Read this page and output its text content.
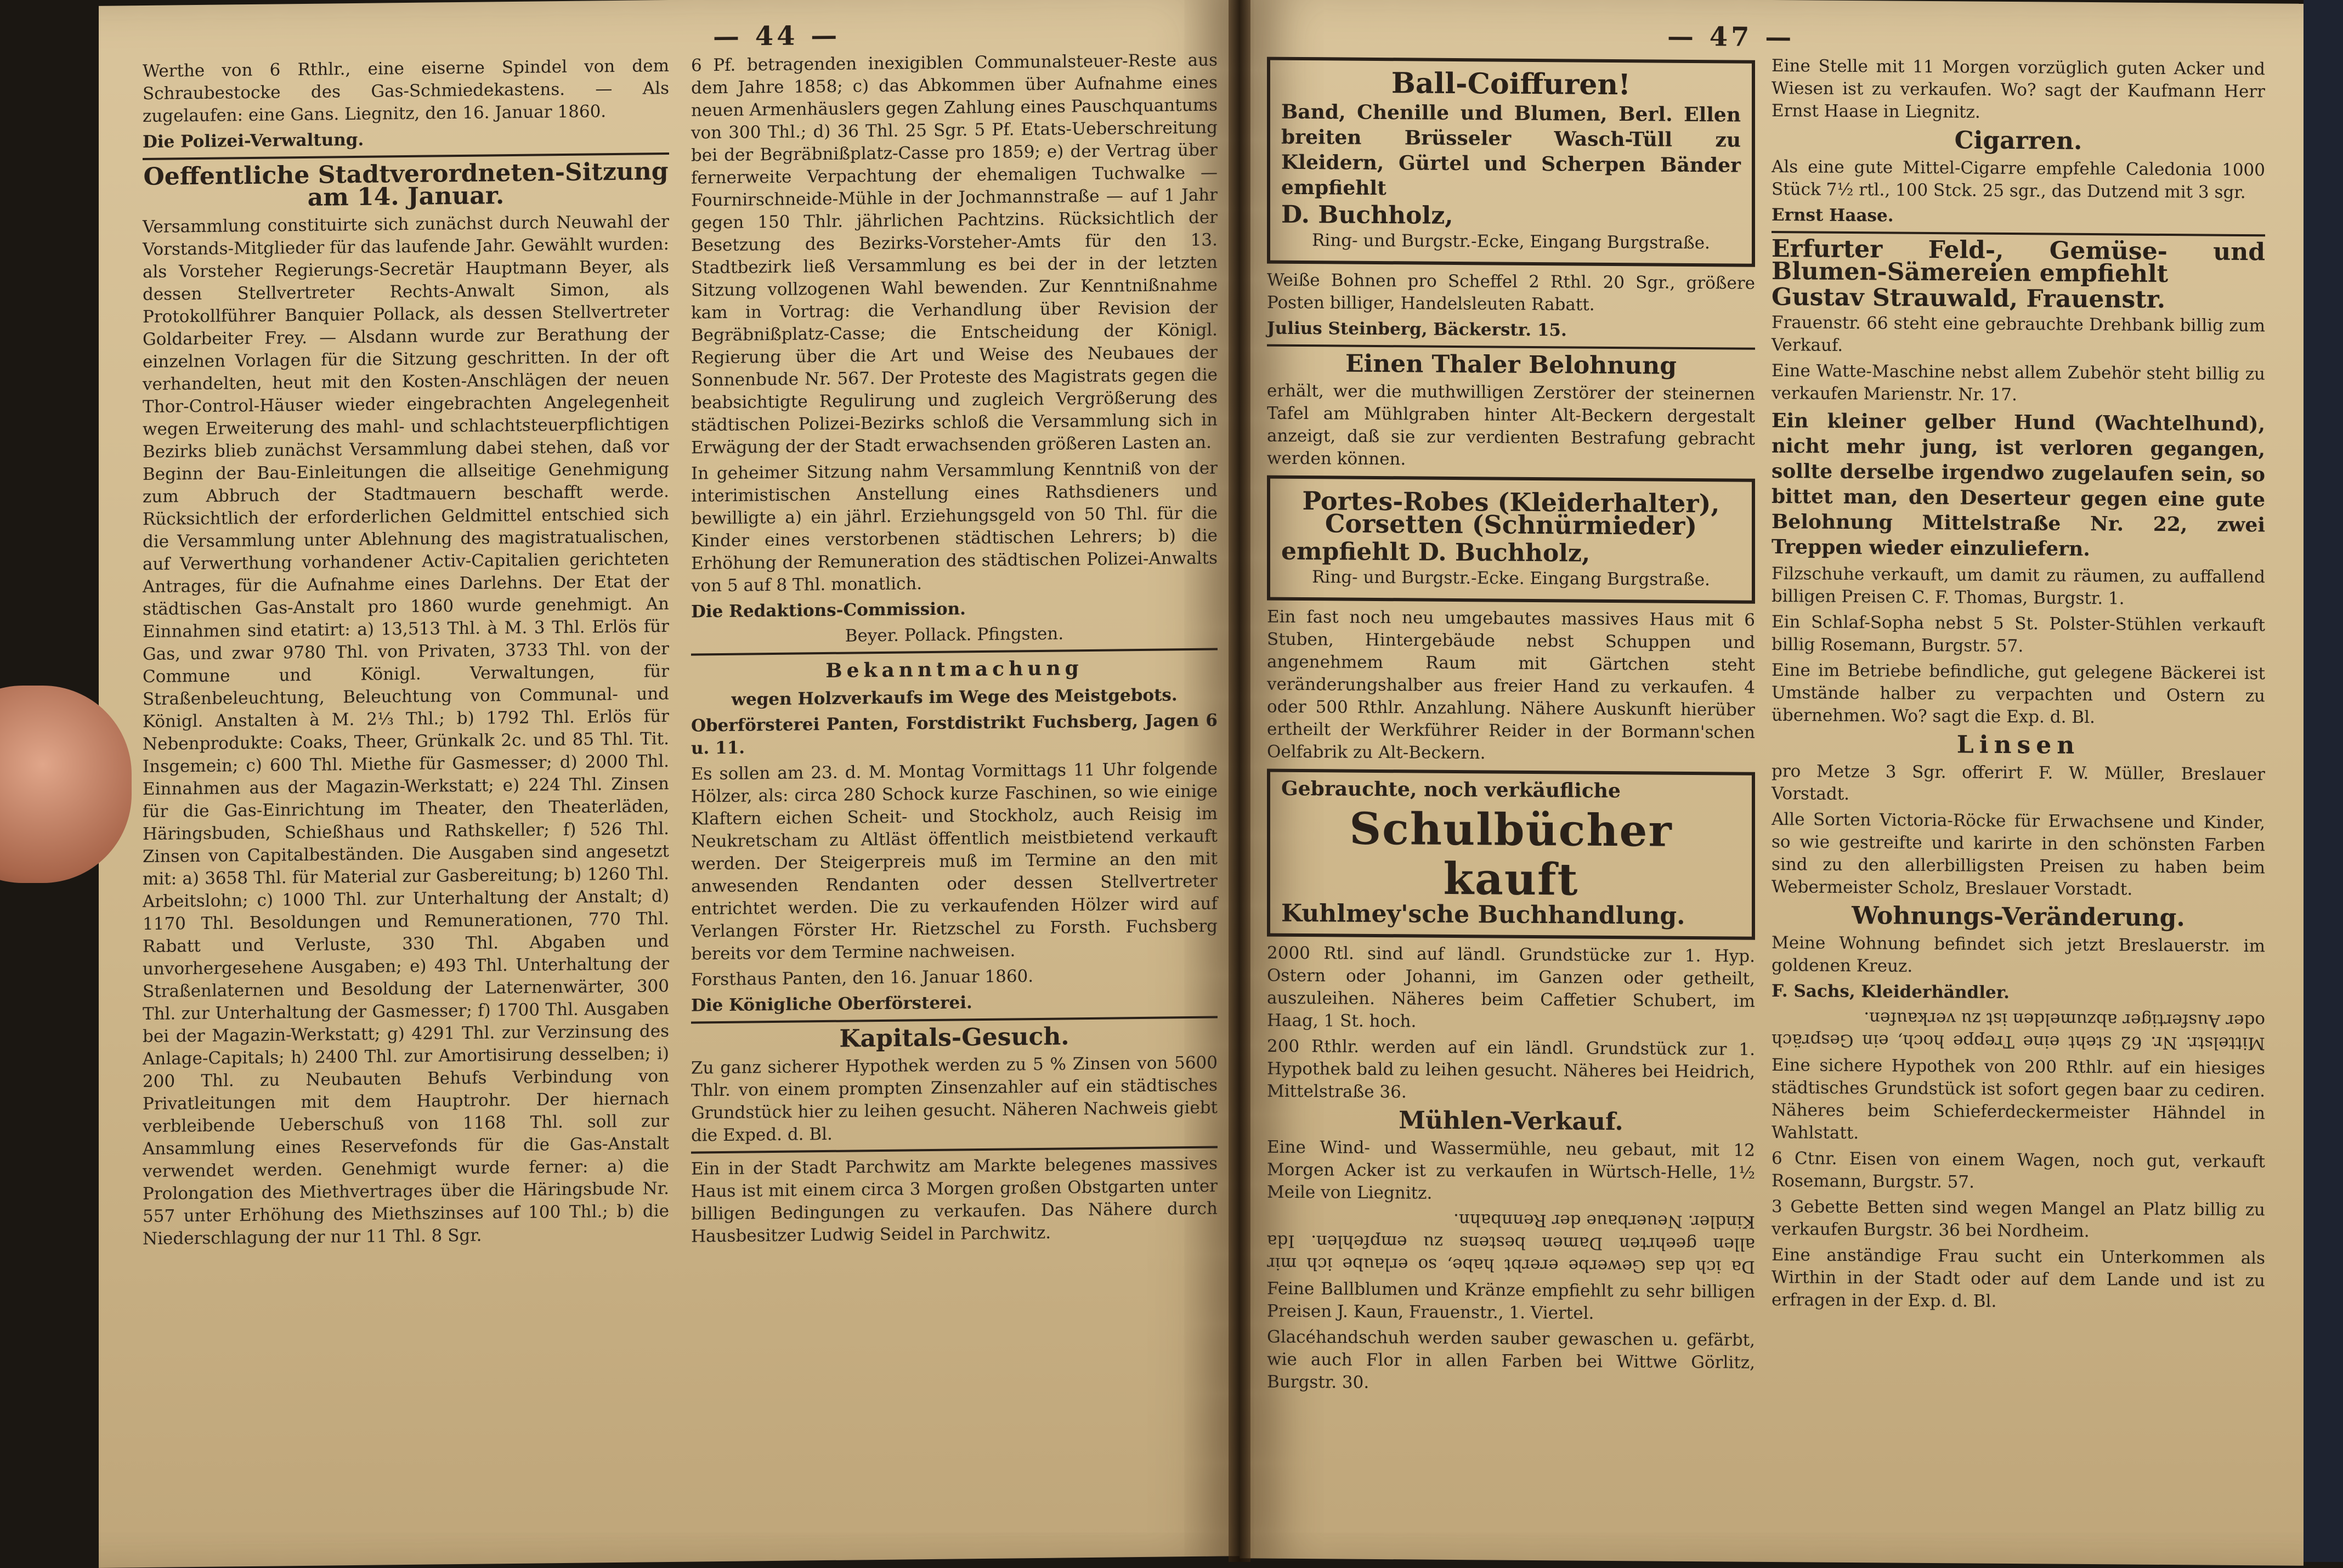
— 44 —

Werthe von 6 Rthlr., eine eiserne Spindel von dem Schraubestocke des Gas-Schmiedekastens. — Als zugelaufen: eine Gans. Liegnitz, den 16. Januar 1860.

Die Polizei-Verwaltung.

Oeffentliche Stadtverordneten-Sitzung am 14. Januar.

Versammlung constituirte sich zunächst durch Neuwahl der Vorstands-Mitglieder für das laufende Jahr. Gewählt wurden: als Vorsteher Regierungs-Secretär Hauptmann Beyer, als dessen Stellvertreter Rechts-Anwalt Simon, als Protokollführer Banquier Pollack, als dessen Stellvertreter Goldarbeiter Frey. — Alsdann wurde zur Berathung der einzelnen Vorlagen für die Sitzung geschritten. In der oft verhandelten, heut mit den Kosten-Anschlägen der neuen Thor-Control-Häuser wieder eingebrachten Angelegenheit wegen Erweiterung des mahl- und schlachtsteuerpflichtigen Bezirks blieb zunächst Versammlung dabei stehen, daß vor Beginn der Bau-Einleitungen die allseitige Genehmigung zum Abbruch der Stadtmauern beschafft werde. Rücksichtlich der erforderlichen Geldmittel entschied sich die Versammlung unter Ablehnung des magistratualischen, auf Verwerthung vorhandener Activ-Capitalien gerichteten Antrages, für die Aufnahme eines Darlehns. Der Etat der städtischen Gas-Anstalt pro 1860 wurde genehmigt. An Einnahmen sind etatirt: a) 13,513 Thl. à M. 3 Thl. Erlös für Gas, und zwar 9780 Thl. von Privaten, 3733 Thl. von der Commune und Königl. Verwaltungen, für Straßenbeleuchtung, Beleuchtung von Communal- und Königl. Anstalten à M. 2⅓ Thl.; b) 1792 Thl. Erlös für Nebenprodukte: Coaks, Theer, Grünkalk 2c. und 85 Thl. Tit. Insgemein; c) 600 Thl. Miethe für Gasmesser; d) 2000 Thl. Einnahmen aus der Magazin-Werkstatt; e) 224 Thl. Zinsen für die Gas-Einrichtung im Theater, den Theaterläden, Häringsbuden, Schießhaus und Rathskeller; f) 526 Thl. Zinsen von Capitalbeständen. Die Ausgaben sind angesetzt mit: a) 3658 Thl. für Material zur Gasbereitung; b) 1260 Thl. Arbeitslohn; c) 1000 Thl. zur Unterhaltung der Anstalt; d) 1170 Thl. Besoldungen und Remunerationen, 770 Thl. Rabatt und Verluste, 330 Thl. Abgaben und unvorhergesehene Ausgaben; e) 493 Thl. Unterhaltung der Straßenlaternen und Besoldung der Laternenwärter, 300 Thl. zur Unterhaltung der Gasmesser; f) 1700 Thl. Ausgaben bei der Magazin-Werkstatt; g) 4291 Thl. zur Verzinsung des Anlage-Capitals; h) 2400 Thl. zur Amortisirung desselben; i) 200 Thl. zu Neubauten Behufs Verbindung von Privatleitungen mit dem Hauptrohr. Der hiernach verbleibende Ueberschuß von 1168 Thl. soll zur Ansammlung eines Reservefonds für die Gas-Anstalt verwendet werden. Genehmigt wurde ferner: a) die Prolongation des Miethvertrages über die Häringsbude Nr. 557 unter Erhöhung des Miethszinses auf 100 Thl.; b) die Niederschlagung der nur 11 Thl. 8 Sgr.

6 Pf. betragenden inexigiblen Communalsteuer-Reste aus dem Jahre 1858; c) das Abkommen über Aufnahme eines neuen Armenhäuslers gegen Zahlung eines Pauschquantums von 300 Thl.; d) 36 Thl. 25 Sgr. 5 Pf. Etats-Ueberschreitung bei der Begräbnißplatz-Casse pro 1859; e) der Vertrag über fernerweite Verpachtung der ehemaligen Tuchwalke — Fournirschneide-Mühle in der Jochmannstraße — auf 1 Jahr gegen 150 Thlr. jährlichen Pachtzins. Rücksichtlich der Besetzung des Bezirks-Vorsteher-Amts für den 13. Stadtbezirk ließ Versammlung es bei der in der letzten Sitzung vollzogenen Wahl bewenden. Zur Kenntnißnahme kam in Vortrag: die Verhandlung über Revision der Begräbnißplatz-Casse; die Entscheidung der Königl. Regierung über die Art und Weise des Neubaues der Sonnenbude Nr. 567. Der Proteste des Magistrats gegen die beabsichtigte Regulirung und zugleich Vergrößerung des städtischen Polizei-Bezirks schloß die Versammlung sich in Erwägung der der Stadt erwachsenden größeren Lasten an.

In geheimer Sitzung nahm Versammlung Kenntniß von der interimistischen Anstellung eines Rathsdieners und bewilligte a) ein jährl. Erziehungsgeld von 50 Thl. für die Kinder eines verstorbenen städtischen Lehrers; b) die Erhöhung der Remuneration des städtischen Polizei-Anwalts von 5 auf 8 Thl. monatlich.

Die Redaktions-Commission.

Beyer. Pollack. Pfingsten.

Bekanntmachung

wegen Holzverkaufs im Wege des Meistgebots.

Oberförsterei Panten, Forstdistrikt Fuchsberg, Jagen 6 u. 11.

Es sollen am 23. d. M. Montag Vormittags 11 Uhr folgende Hölzer, als: circa 280 Schock kurze Faschinen, so wie einige Klaftern eichen Scheit- und Stockholz, auch Reisig im Neukretscham zu Altläst öffentlich meistbietend verkauft werden. Der Steigerpreis muß im Termine an den mit anwesenden Rendanten oder dessen Stellvertreter entrichtet werden. Die zu verkaufenden Hölzer wird auf Verlangen Förster Hr. Rietzschel zu Forsth. Fuchsberg bereits vor dem Termine nachweisen.

Forsthaus Panten, den 16. Januar 1860.

Die Königliche Oberförsterei.

Kapitals-Gesuch.

Zu ganz sicherer Hypothek werden zu 5 % Zinsen von 5600 Thlr. von einem prompten Zinsenzahler auf ein städtisches Grundstück hier zu leihen gesucht. Näheren Nachweis giebt die Exped. d. Bl.

Ein in der Stadt Parchwitz am Markte belegenes massives Haus ist mit einem circa 3 Morgen großen Obstgarten unter billigen Bedingungen zu verkaufen. Das Nähere durch Hausbesitzer Ludwig Seidel in Parchwitz.

— 47 —
Ball-Coiffuren!

Band, Chenille und Blumen, Berl. Ellen breiten Brüsseler Wasch-Tüll zu Kleidern, Gürtel und Scherpen Bänder empfiehlt

D. Buchholz,

Ring- und Burgstr.-Ecke, Eingang Burgstraße.

Weiße Bohnen pro Scheffel 2 Rthl. 20 Sgr., größere Posten billiger, Handelsleuten Rabatt.

Julius Steinberg, Bäckerstr. 15.

Einen Thaler Belohnung

erhält, wer die muthwilligen Zerstörer der steinernen Tafel am Mühlgraben hinter Alt-Beckern dergestalt anzeigt, daß sie zur verdienten Bestrafung gebracht werden können.

Portes-Robes (Kleiderhalter), Corsetten (Schnürmieder)

empfiehlt D. Buchholz,

Ring- und Burgstr.-Ecke. Eingang Burgstraße.

Ein fast noch neu umgebautes massives Haus mit 6 Stuben, Hintergebäude nebst Schuppen und angenehmem Raum mit Gärtchen steht veränderungshalber aus freier Hand zu verkaufen. 4 oder 500 Rthlr. Anzahlung. Nähere Auskunft hierüber ertheilt der Werkführer Reider in der Bormann'schen Oelfabrik zu Alt-Beckern.

Gebrauchte, noch verkäufliche

Schulbücher kauft

Kuhlmey'sche Buchhandlung.

2000 Rtl. sind auf ländl. Grundstücke zur 1. Hyp. Ostern oder Johanni, im Ganzen oder getheilt, auszuleihen. Näheres beim Caffetier Schubert, im Haag, 1 St. hoch.

200 Rthlr. werden auf ein ländl. Grundstück zur 1. Hypothek bald zu leihen gesucht. Näheres bei Heidrich, Mittelstraße 36.

Mühlen-Verkauf.

Eine Wind- und Wassermühle, neu gebaut, mit 12 Morgen Acker ist zu verkaufen in Würtsch-Helle, 1½ Meile von Liegnitz.

Da ich das Gewerbe ererbt habe, so erlaube ich mir allen geehrten Damen bestens zu empfehlen. Ida Kindler. Neuerbaue der Rennbahn.

Feine Ballblumen und Kränze empfiehlt zu sehr billigen Preisen J. Kaun, Frauenstr., 1. Viertel.

Glacéhandschuh werden sauber gewaschen u. gefärbt, wie auch Flor in allen Farben bei Wittwe Görlitz, Burgstr. 30.

Eine Stelle mit 11 Morgen vorzüglich guten Acker und Wiesen ist zu verkaufen. Wo? sagt der Kaufmann Herr Ernst Haase in Liegnitz.

Cigarren.

Als eine gute Mittel-Cigarre empfehle Caledonia 1000 Stück 7½ rtl., 100 Stck. 25 sgr., das Dutzend mit 3 sgr.

Ernst Haase.

Erfurter Feld-, Gemüse- und Blumen-Sämereien empfiehlt

Gustav Strauwald, Frauenstr.

Frauenstr. 66 steht eine gebrauchte Drehbank billig zum Verkauf.

Eine Watte-Maschine nebst allem Zubehör steht billig zu verkaufen Marienstr. Nr. 17.

Ein kleiner gelber Hund (Wachtelhund), nicht mehr jung, ist verloren gegangen, sollte derselbe irgendwo zugelaufen sein, so bittet man, den Deserteur gegen eine gute Belohnung Mittelstraße Nr. 22, zwei Treppen wieder einzuliefern.

Filzschuhe verkauft, um damit zu räumen, zu auffallend billigen Preisen C. F. Thomas, Burgstr. 1.

Ein Schlaf-Sopha nebst 5 St. Polster-Stühlen verkauft billig Rosemann, Burgstr. 57.

Eine im Betriebe befindliche, gut gelegene Bäckerei ist Umstände halber zu verpachten und Ostern zu übernehmen. Wo? sagt die Exp. d. Bl.

Linsen

pro Metze 3 Sgr. offerirt F. W. Müller, Breslauer Vorstadt.

Alle Sorten Victoria-Röcke für Erwachsene und Kinder, so wie gestreifte und karirte in den schönsten Farben sind zu den allerbilligsten Preisen zu haben beim Webermeister Scholz, Breslauer Vorstadt.

Wohnungs-Veränderung.

Meine Wohnung befindet sich jetzt Breslauerstr. im goldenen Kreuz.

F. Sachs, Kleiderhändler.

Mittelstr. Nr. 62 steht eine Treppe hoch, ein Gespräch oder Ausfertiger abzumelden ist zu verkaufen.

Eine sichere Hypothek von 200 Rthlr. auf ein hiesiges städtisches Grundstück ist sofort gegen baar zu cediren. Näheres beim Schieferdeckermeister Hähndel in Wahlstatt.

6 Ctnr. Eisen von einem Wagen, noch gut, verkauft Rosemann, Burgstr. 57.

3 Gebette Betten sind wegen Mangel an Platz billig zu verkaufen Burgstr. 36 bei Nordheim.

Eine anständige Frau sucht ein Unterkommen als Wirthin in der Stadt oder auf dem Lande und ist zu erfragen in der Exp. d. Bl.
